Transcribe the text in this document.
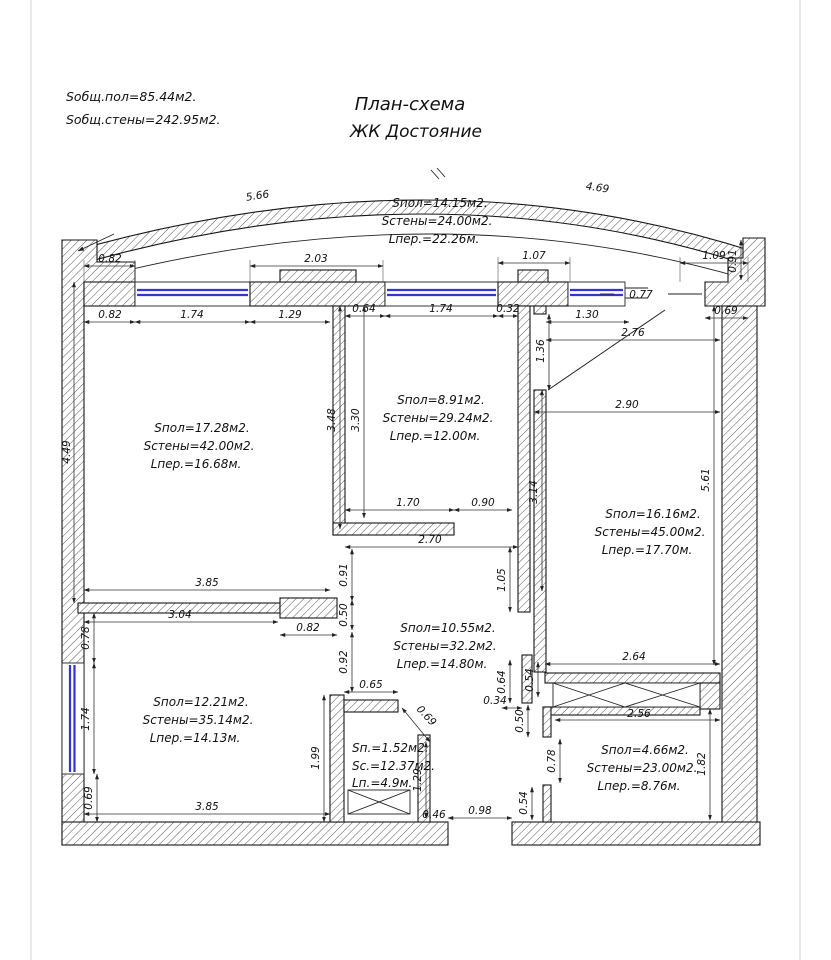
Sобщ.пол=85.44м2.
Sобщ.стены=242.95м2.
План-схема
ЖК Достояние
5.66
4.69
0.82	2.03	1.07	1.09 0.91
0.77
0.69
0.82	1.74	1.29	0.64	1.74	0.32	1.30
2.76
1.36
2.90
5.61
4.49
3.48 3.30
1.70	0.90
2.70
0.91	1.05
3.14
3.85
3.04
0.82
0.78
0.50
0.92
1.74
0.69
1.99
3.85
0.65
0.69
1.29
0.46 0.98	0.54
0.34
0.64 0.54
0.50
0.78
2.64
2.56
1.82
Sпол=14.15м2.
Sстены=24.00м2.
Lпер.=22.26м.
Sпол=17.28м2.
Sстены=42.00м2.
Lпер.=16.68м.
Sпол=8.91м2.
Sстены=29.24м2.
Lпер.=12.00м.
Sпол=16.16м2.
Sстены=45.00м2.
Lпер.=17.70м.
Sпол=10.55м2.
Sстены=32.2м2.
Lпер.=14.80м.
Sпол=12.21м2.
Sстены=35.14м2.
Lпер.=14.13м.
Sп.=1.52м2.
Sс.=12.37м2.
Lп.=4.9м.
Sпол=4.66м2.
Sстены=23.00м2.
Lпер.=8.76м.
